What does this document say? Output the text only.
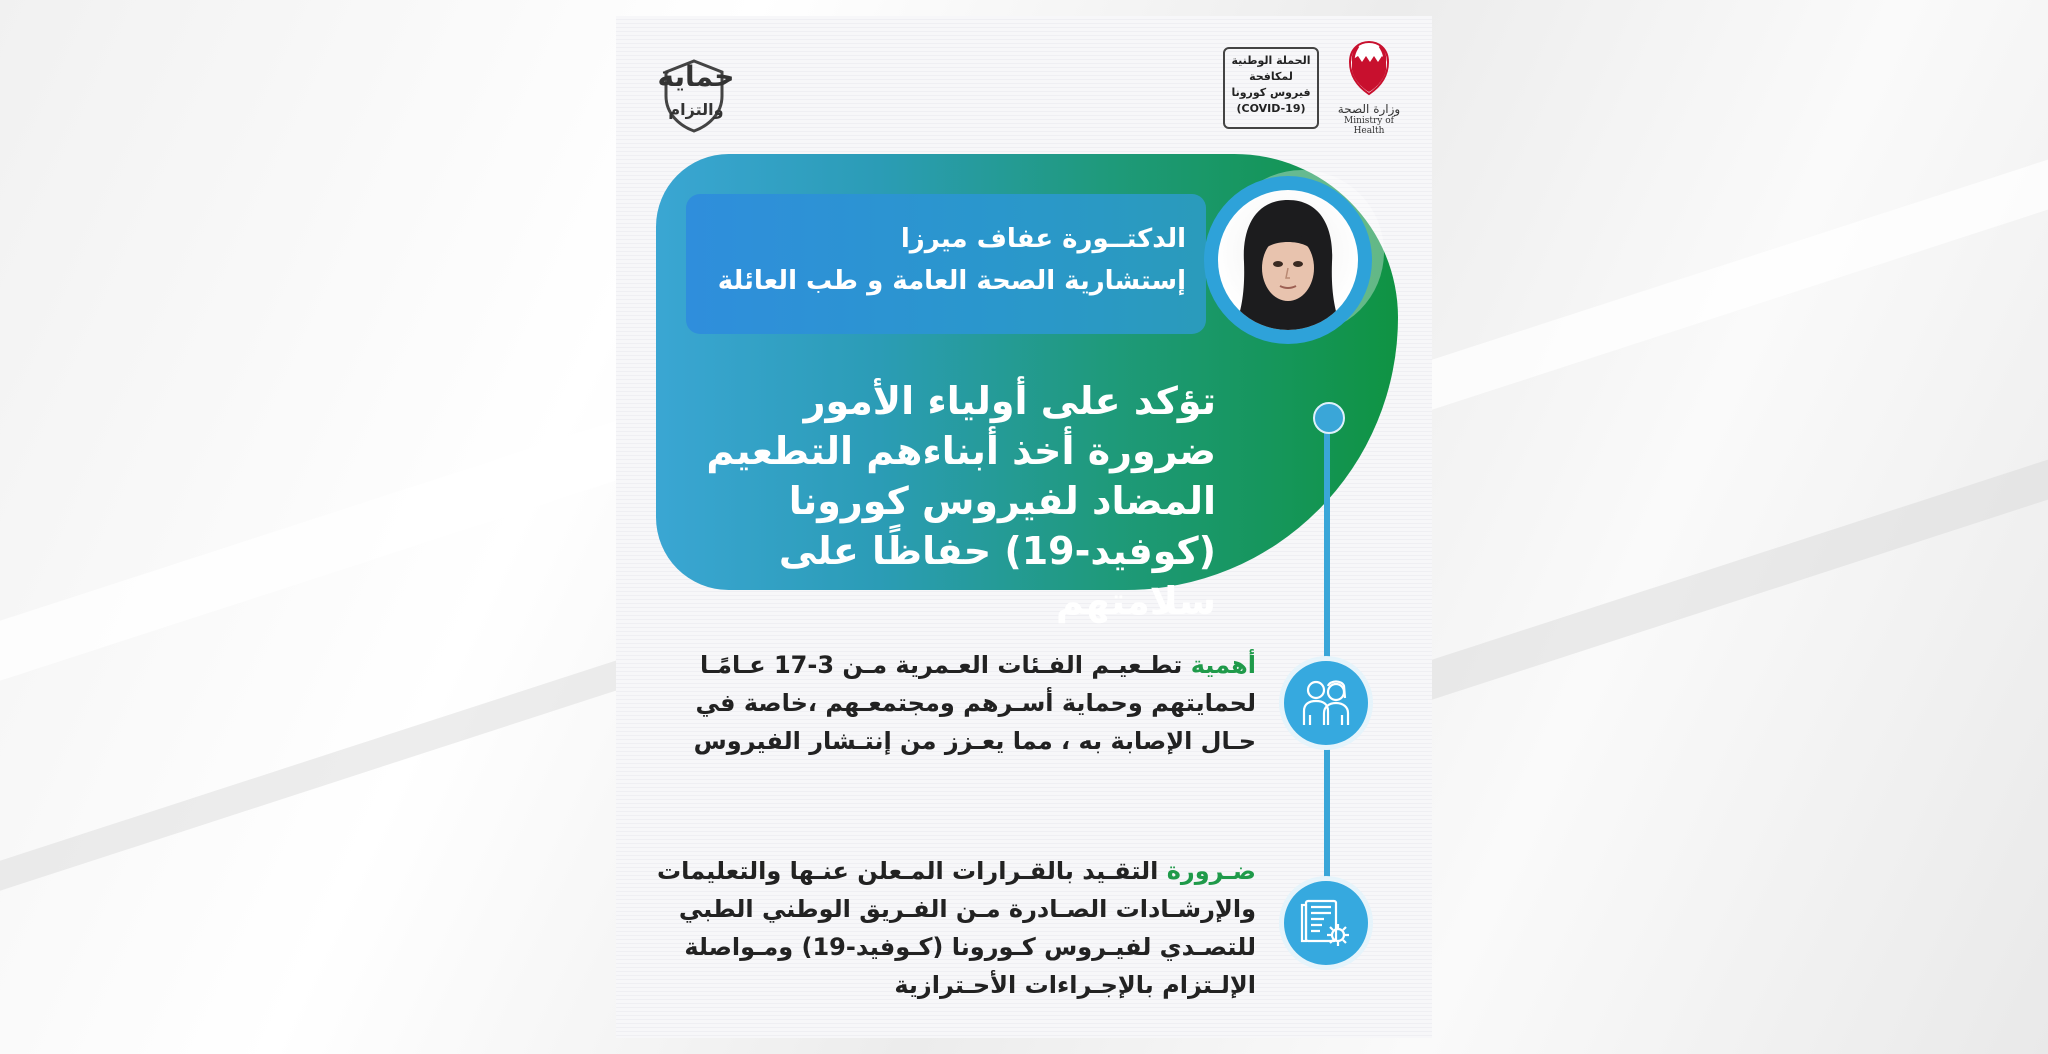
حماية
والتزام
الحملة الوطنية
لمكافحة
فيروس كورونا
(COVID-19)	وزارة الصحة
Ministry of Health
الدكتــورة عفاف ميرزا
إستشارية الصحة العامة و طب العائلة
تؤكد على أولياء الأمور ضرورة أخذ أبناءهم التطعيم المضاد لفيروس كورونا (كوفيد-19) حفاظًا على سلامتهم
أهمية تطـعيـم الفـئات العـمرية مـن 3-17 عـامًـا لحمايتهم وحماية أسـرهم ومجتمعـهم ،خاصة في حـال الإصابة به ، مما يعـزز من إنتـشار الفيروس
ضـرورة التقـيد بالقـرارات المـعلن عنـها والتعليمات والإرشـادات الصـادرة مـن الفـريق الوطني الطبي للتصـدي لفيـروس كـورونا (كـوفيد-19) ومـواصلة الإلـتزام بالإجـراءات الأحـترازية
